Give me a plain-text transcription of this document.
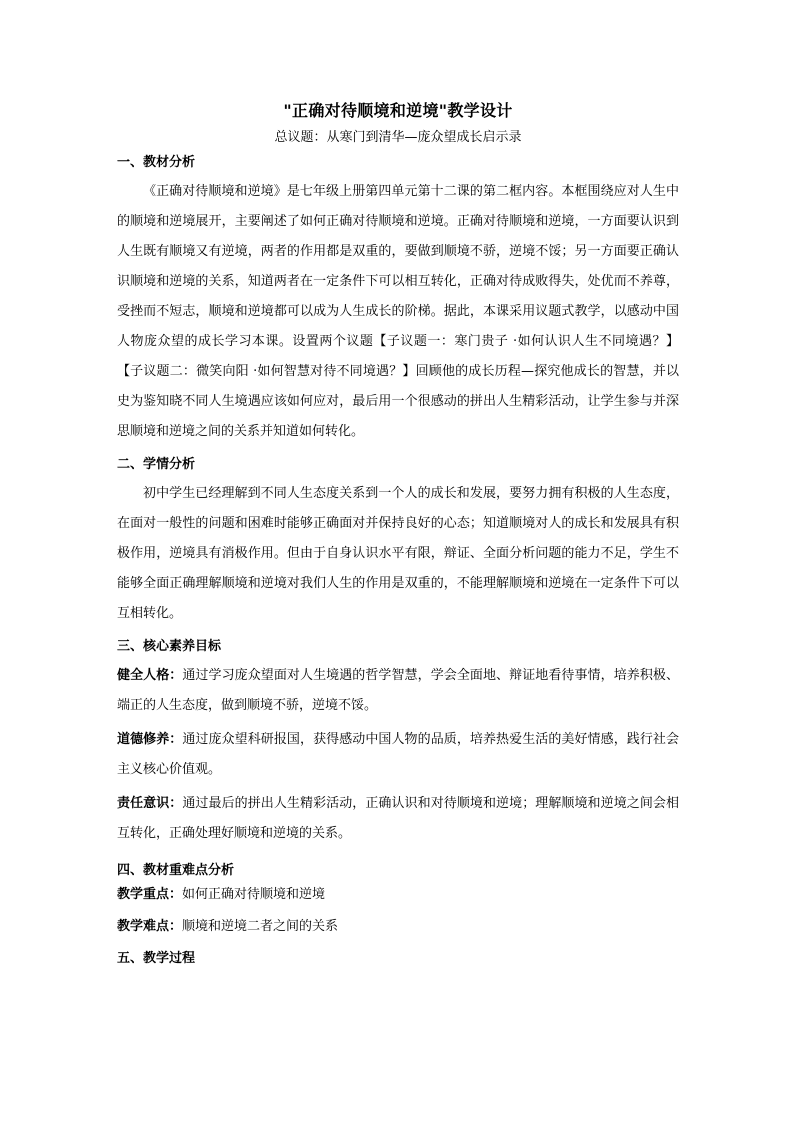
"正确对待顺境和逆境"教学设计
总议题：从寒门到清华—庞众望成长启示录
一、教材分析

《正确对待顺境和逆境》是七年级上册第四单元第十二课的第二框内容。本框围绕应对人生中的顺境和逆境展开，主要阐述了如何正确对待顺境和逆境。正确对待顺境和逆境，一方面要认识到人生既有顺境又有逆境，两者的作用都是双重的，要做到顺境不骄，逆境不馁；另一方面要正确认识顺境和逆境的关系，知道两者在一定条件下可以相互转化，正确对待成败得失，处优而不养尊，受挫而不短志，顺境和逆境都可以成为人生成长的阶梯。据此，本课采用议题式教学，以感动中国人物庞众望的成长学习本课。设置两个议题【子议题一：寒门贵子 ·如何认识人生不同境遇？】 【子议题二：微笑向阳 ·如何智慧对待不同境遇？】回顾他的成长历程—探究他成长的智慧，并以史为鉴知晓不同人生境遇应该如何应对，最后用一个很感动的拼出人生精彩活动，让学生参与并深思顺境和逆境之间的关系并知道如何转化。

二、学情分析

初中学生已经理解到不同人生态度关系到一个人的成长和发展，要努力拥有积极的人生态度，在面对一般性的问题和困难时能够正确面对并保持良好的心态；知道顺境对人的成长和发展具有积极作用，逆境具有消极作用。但由于自身认识水平有限，辩证、全面分析问题的能力不足，学生不能够全面正确理解顺境和逆境对我们人生的作用是双重的，不能理解顺境和逆境在一定条件下可以互相转化。

三、核心素养目标

健全人格：通过学习庞众望面对人生境遇的哲学智慧，学会全面地、辩证地看待事情，培养积极、端正的人生态度，做到顺境不骄，逆境不馁。

道德修养：通过庞众望科研报国，获得感动中国人物的品质，培养热爱生活的美好情感，践行社会主义核心价值观。

责任意识：通过最后的拼出人生精彩活动，正确认识和对待顺境和逆境；理解顺境和逆境之间会相互转化，正确处理好顺境和逆境的关系。

四、教材重难点分析
教学重点：如何正确对待顺境和逆境
教学难点：顺境和逆境二者之间的关系
五、教学过程
